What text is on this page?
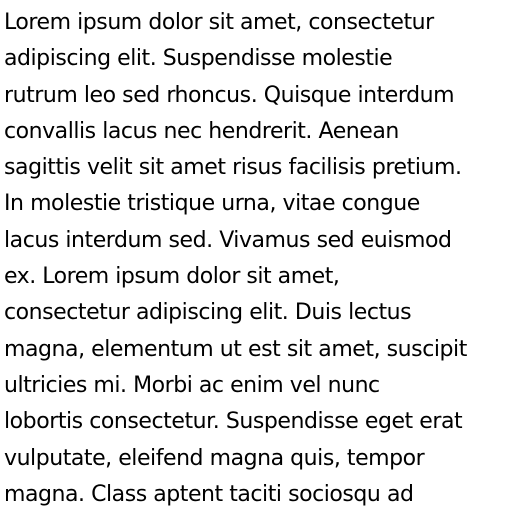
Lorem ipsum dolor sit amet, consectetur
adipiscing elit. Suspendisse molestie
rutrum leo sed rhoncus. Quisque interdum
convallis lacus nec hendrerit. Aenean
sagittis velit sit amet risus facilisis pretium.
In molestie tristique urna, vitae congue
lacus interdum sed. Vivamus sed euismod
ex. Lorem ipsum dolor sit amet,
consectetur adipiscing elit. Duis lectus
magna, elementum ut est sit amet, suscipit
ultricies mi. Morbi ac enim vel nunc
lobortis consectetur. Suspendisse eget erat
vulputate, eleifend magna quis, tempor
magna. Class aptent taciti sociosqu ad
